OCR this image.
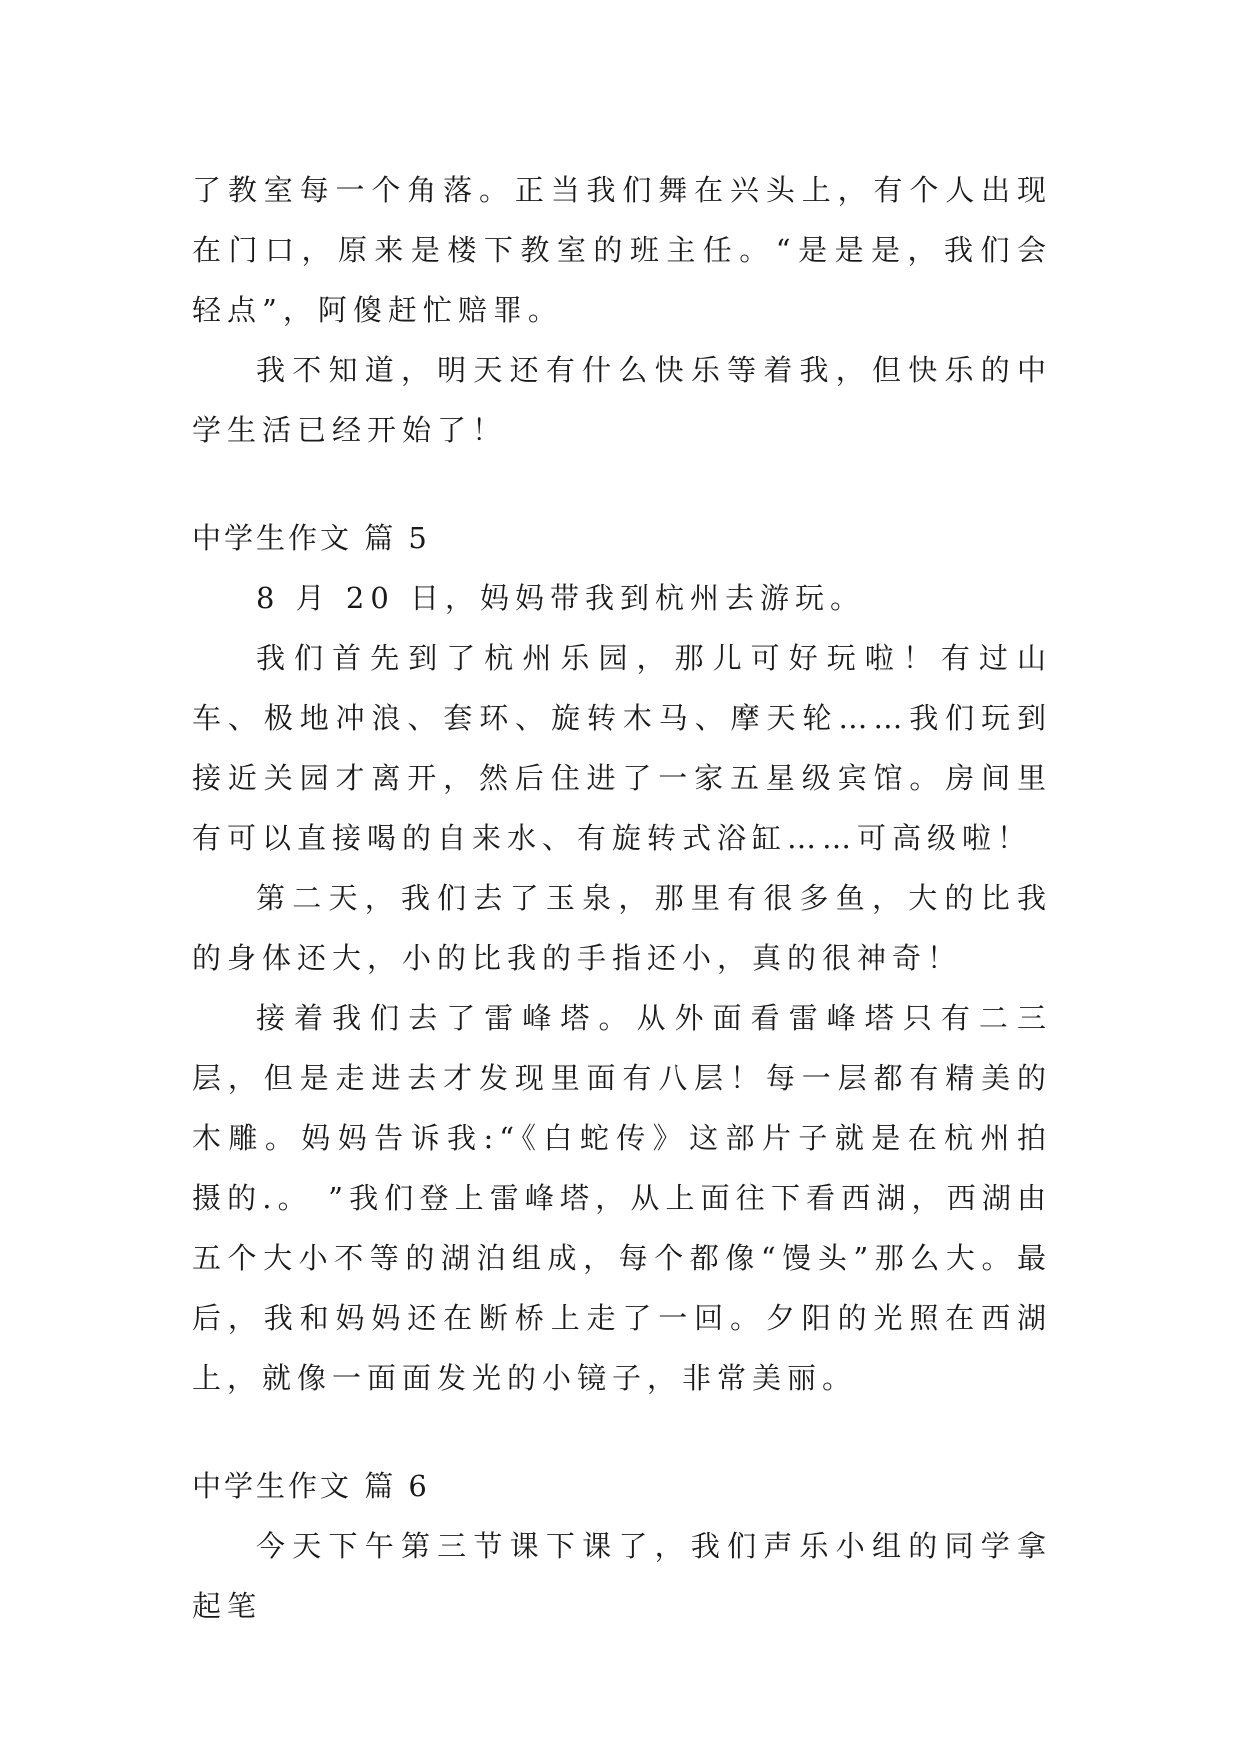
了教室每一个角落。正当我们舞在兴头上，有个人出现在门口，原来是楼下教室的班主任。“是是是，我们会轻点”，阿傻赶忙赔罪。

我不知道，明天还有什么快乐等着我，但快乐的中学生活已经开始了！

中学生作文 篇 5

8 月 20 日，妈妈带我到杭州去游玩。

我们首先到了杭州乐园，那儿可好玩啦！有过山车、极地冲浪、套环、旋转木马、摩天轮……我们玩到接近关园才离开，然后住进了一家五星级宾馆。房间里有可以直接喝的自来水、有旋转式浴缸……可高级啦！

第二天，我们去了玉泉，那里有很多鱼，大的比我的身体还大，小的比我的手指还小，真的很神奇！

接着我们去了雷峰塔。从外面看雷峰塔只有二三层，但是走进去才发现里面有八层！每一层都有精美的木雕。妈妈告诉我:“《白蛇传》这部片子就是在杭州拍摄的.。 ”我们登上雷峰塔，从上面往下看西湖，西湖由五个大小不等的湖泊组成，每个都像“馒头”那么大。最后，我和妈妈还在断桥上走了一回。夕阳的光照在西湖上，就像一面面发光的小镜子，非常美丽。

中学生作文 篇 6

今天下午第三节课下课了，我们声乐小组的同学拿起笔
